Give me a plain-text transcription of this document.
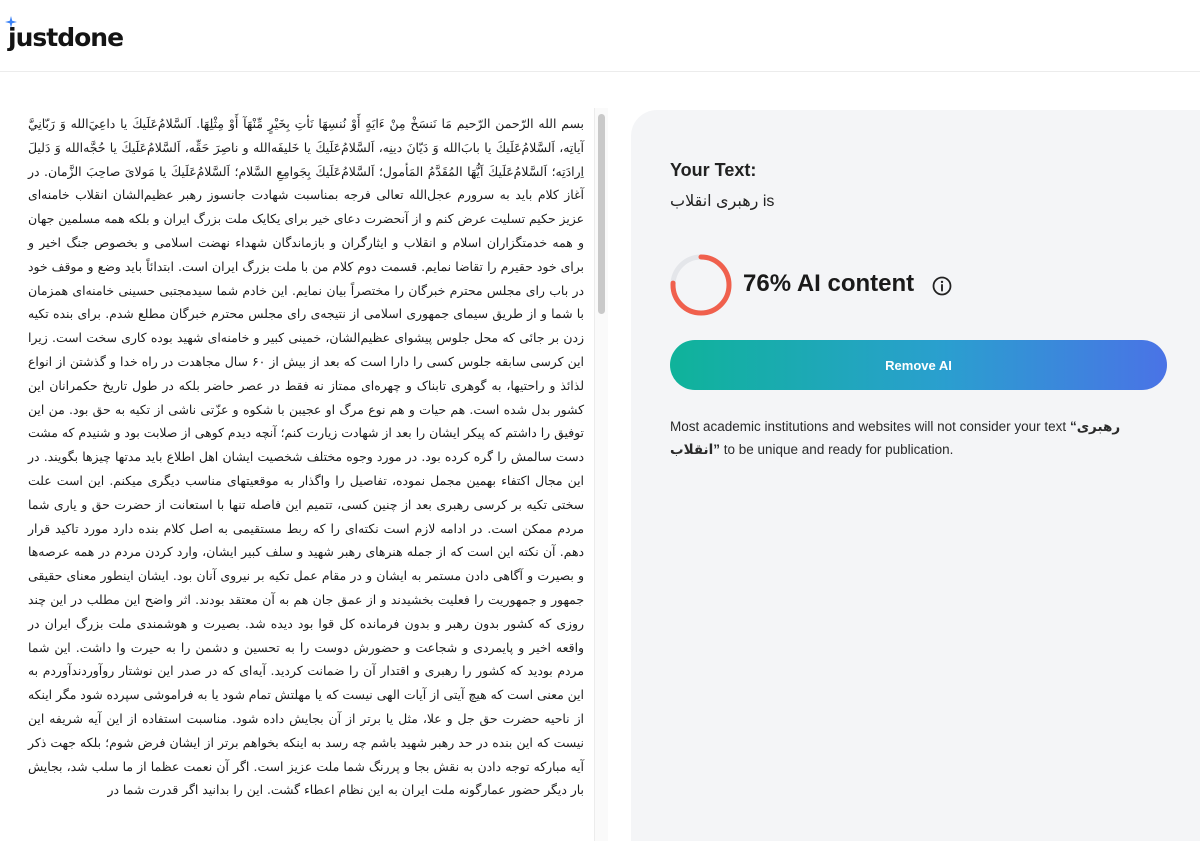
justdone
بسم الله الرّحمن الرّحيم مَا نَنسَخْ مِنْ ءَايَهٍ أَوْ نُنسِهَا نَأتِ بِخَيْرٍ مِّنْهَآ أَوْ مِثْلِهَا. اَلسَّلامُ‌عَلَيكَ يا داعِيَ‌الله وَ رَبّانِيَّ آياتِه، اَلسَّلامُ‌عَلَيكَ يا بابَ‌الله وَ دَيّانَ دينِه، اَلسَّلامُ‌عَلَيكَ يا خَليفَه‌الله و ناصِرَ حَقِّه، اَلسَّلامُ‌عَلَيكَ يا حُجَّه‌الله وَ دَليلَ اِرادَتِه؛ اَلسَّلامُ‌عَلَيكَ اَيُّهَا المُقَدَّمُ المَأمول؛ اَلسَّلامُ‌عَلَيكَ بِجَوامِعِ السَّلام؛ اَلسَّلامُ‌عَلَيكَ يا مَولاىَ صاحِبَ الزَّمان. در آغاز کلام باید به سرورم عجل‌الله تعالی فرجه بمناسبت شهادت جانسوز رهبر عظیم‌الشان انقلاب خامنه‌ای عزیز حکیم تسلیت عرض کنم و از آنحضرت دعای خیر برای یکایک ملت بزرگ ایران و بلکه همه مسلمین جهان و همه خدمتگزاران اسلام و انقلاب و ایثارگران و بازماندگان شهداء نهضت اسلامی و بخصوص جنگ اخیر و برای خود حقیرم را تقاضا نمایم. قسمت دوم کلام من با ملت بزرگ ایران است. ابتدائاً باید وضع و موقف خود در باب رای مجلس محترم خبرگان را مختصراً بیان نمایم. این خادم شما سیدمجتبی حسینی خامنه‌ای همزمان با شما و از طریق سیمای جمهوری اسلامی از نتیجه‌ی رای مجلس محترم خبرگان مطلع شدم. برای بنده تکیه زدن بر جائی که محل جلوس پیشوای عظیم‌الشان، خمینی کبیر و خامنه‌ای شهید بوده کاری سخت است. زیرا این کرسی سابقه جلوس کسی را دارا است که بعد از بیش از ۶۰ سال مجاهدت در راه خدا و گذشتن از انواع لذائذ و راحتیها، به گوهری تابناک و چهره‌ای ممتاز نه فقط در عصر حاضر بلکه در طول تاریخ حکمرانان این کشور بدل شده است. هم حیات و هم نوع مرگ او عجیبن با شکوه و عزّتی ناشی از تکیه به حق بود. من این توفیق را داشتم که پیکر ایشان را بعد از شهادت زیارت کنم؛ آنچه دیدم کوهی از صلابت بود و شنیدم که مشت دست سالمش را گره کرده بود. در مورد وجوه مختلف شخصیت ایشان اهل اطلاع باید مدتها چیزها بگویند. در این مجال اکتفاء بهمین مجمل نموده، تفاصیل را واگذار به موقعیتهای مناسب دیگری میکنم. این است علت سختی تکیه بر کرسی رهبری بعد از چنین کسی، تتمیم این فاصله تنها با استعانت از حضرت حق و یاری شما مردم ممکن است. در ادامه لازم است نکته‌ای را که ربط مستقیمی به اصل کلام بنده دارد مورد تاکید قرار دهم. آن نکته این است که از جمله هنرهای رهبر شهید و سلف کبیر ایشان، وارد کردن مردم در همه عرصه‌ها و بصیرت و آگاهی دادن مستمر به ایشان و در مقام عمل تکیه بر نیروی آنان بود. ایشان اینطور معنای حقیقی جمهور و جمهوریت را فعلیت بخشیدند و از عمق جان هم به آن معتقد بودند. اثر واضح این مطلب در این چند روزی که کشور بدون رهبر و بدون فرمانده کل قوا بود دیده شد. بصیرت و هوشمندی ملت بزرگ ایران در واقعه اخیر و پایمردی و شجاعت و حضورش دوست را به تحسین و دشمن را به حیرت وا داشت. این شما مردم بودید که کشور را رهبری و اقتدار آن را ضمانت کردید. آیه‌ای که در صدر این نوشتار روآوردندآوردم به این معنی است که هیچ آیتی از آیات الهی نیست که یا مهلتش تمام شود یا به فراموشی سپرده شود مگر اینکه از ناحیه حضرت حق جل و علا، مثل یا برتر از آن بجایش داده شود. مناسبت استفاده از این آیه شریفه این نیست که این بنده در حد رهبر شهید باشم چه رسد به اینکه بخواهم برتر از ایشان فرض شوم؛ بلکه جهت ذکر آیه مبارکه توجه دادن به نقش بجا و پررنگ شما ملت عزیز است. اگر آن نعمت عظما از ما سلب شد، بجایش بار دیگر حضور عمارگونه ملت ایران به این نظام اعطاء گشت. این را بدانید اگر قدرت شما در
Your Text:
رهبری انقلاب is
76% AI content
Remove AI
Most academic institutions and websites will not consider your text “رهبری انقلاب” to be unique and ready for publication.
